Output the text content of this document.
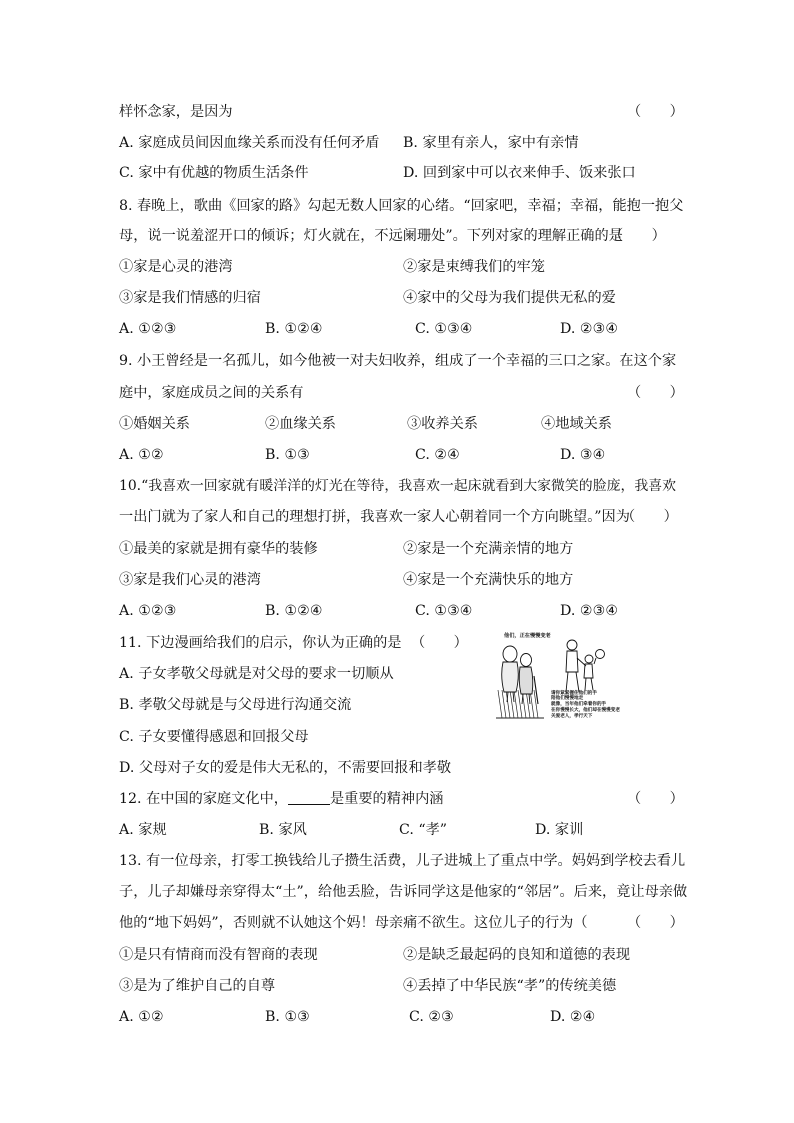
样怀念家，是因为	（　　）
A. 家庭成员间因血缘关系而没有任何矛盾 B. 家里有亲人，家中有亲情
C. 家中有优越的物质生活条件	D. 回到家中可以衣来伸手、饭来张口
8. 春晚上，歌曲《回家的路》勾起无数人回家的心绪。“回家吧，幸福；幸福，能抱一抱父
母，说一说羞涩开口的倾诉；灯火就在，不远阑珊处”。下列对家的理解正确的是
（　　）
①家是心灵的港湾	②家是束缚我们的牢笼
③家是我们情感的归宿	④家中的父母为我们提供无私的爱
A. ①②③	B. ①②④	C. ①③④	D. ②③④
9. 小王曾经是一名孤儿，如今他被一对夫妇收养，组成了一个幸福的三口之家。在这个家
庭中，家庭成员之间的关系有	（　　）
①婚姻关系	②血缘关系	③收养关系	④地域关系
A. ①②	B. ①③	C. ②④	D. ③④
10.“我喜欢一回家就有暖洋洋的灯光在等待，我喜欢一起床就看到大家微笑的脸庞，我喜欢
一出门就为了家人和自己的理想打拼，我喜欢一家人心朝着同一个方向眺望。”因为
（　　）
①最美的家就是拥有豪华的装修	②家是一个充满亲情的地方
③家是我们心灵的港湾	④家是一个充满快乐的地方
A. ①②③	B. ①②④	C. ①③④	D. ②③④
11. 下边漫画给我们的启示，你认为正确的是 （　　）
A. 子女孝敬父母就是对父母的要求一切顺从
B. 孝敬父母就是与父母进行沟通交流
C. 子女要懂得感恩和回报父母
D. 父母对子女的爱是伟大无私的，不需要回报和孝敬
他们，正在慢慢变老
请你紧紧握住他们的手
陪他们慢慢地走
就像，当年他们牵着你的手
在你慢慢长大，他们却在慢慢变老
关爱老人，孝行天下
12. 在中国的家庭文化中，	是重要的精神内涵	（　　）
A. 家规	B. 家风	C. “孝”	D. 家训
13. 有一位母亲，打零工换钱给儿子攒生活费，儿子进城上了重点中学。妈妈到学校去看儿
子，儿子却嫌母亲穿得太“土”，给他丢脸，告诉同学这是他家的“邻居”。后来，竟让母亲做
他的“地下妈妈”，否则就不认她这个妈！母亲痛不欲生。这位儿子的行为（	（　　）
①是只有情商而没有智商的表现	②是缺乏最起码的良知和道德的表现
③是为了维护自己的自尊	④丢掉了中华民族“孝”的传统美德
A. ①②	B. ①③	C. ②③	D. ②④
